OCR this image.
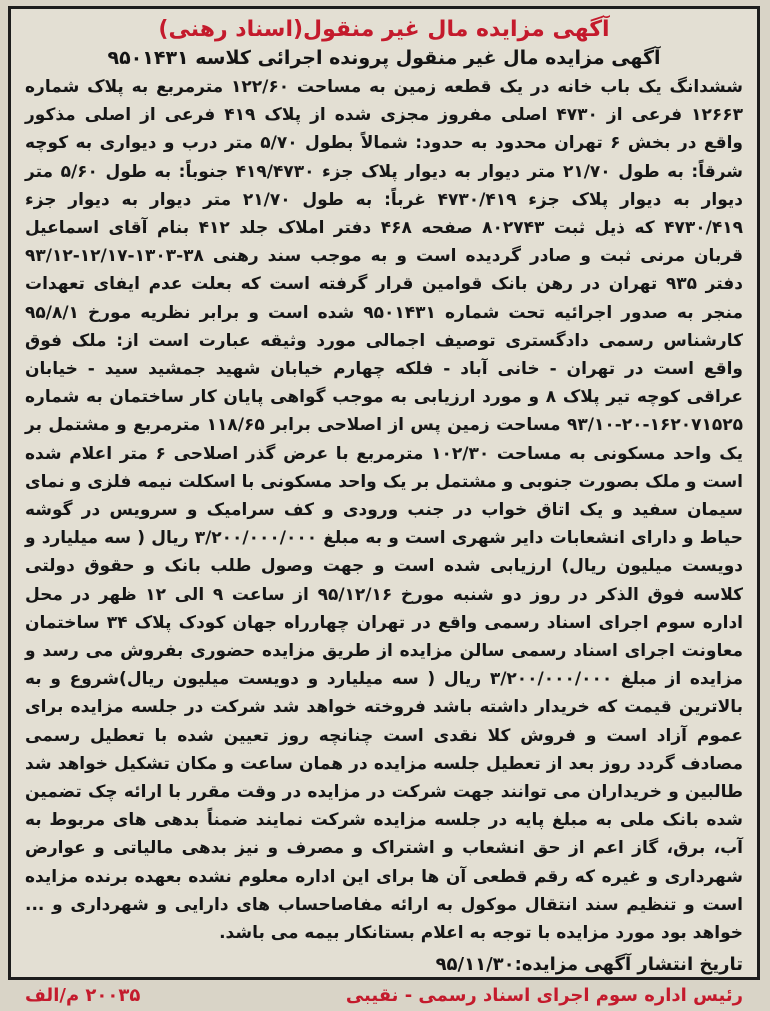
آگهی مزایده مال غیر منقول(اسناد رهنی)
آگهی مزایده مال غیر منقول پرونده اجرائی کلاسه ۹۵۰۱۴۳۱

ششدانگ یک باب خانه در یک قطعه زمین به مساحت ۱۲۲/۶۰ مترمربع به پلاک شماره ۱۲۶۶۳ فرعی از ۴۷۳۰ اصلی مفروز مجزی شده از پلاک ۴۱۹ فرعی از اصلی مذکور واقع در بخش ۶ تهران محدود به حدود: شمالاً بطول ۵/۷۰ متر درب و دیواری به کوچه شرقاً: به طول ۲۱/۷۰ متر دیوار به دیوار پلاک جزء ۴۱۹/۴۷۳۰ جنوباً: به طول ۵/۶۰ متر دیوار به دیوار پلاک جزء ۴۷۳۰/۴۱۹ غرباً: به طول ۲۱/۷۰ متر دیوار به دیوار جزء ۴۷۳۰/۴۱۹ که ذیل ثبت ۸۰۲۷۴۳ صفحه ۴۶۸ دفتر املاک جلد ۴۱۲ بنام آقای اسماعیل قربان مرنی ثبت و صادر گردیده است و به موجب سند رهنی ۳۸-۱۳۰۳-۱۲/۱۷-۹۳/۱۲ دفتر ۹۳۵ تهران در رهن بانک قوامین قرار گرفته است که بعلت عدم ایفای تعهدات منجر به صدور اجرائیه تحت شماره ۹۵۰۱۴۳۱ شده است و برابر نظریه مورخ ۹۵/۸/۱ کارشناس رسمی دادگستری توصیف اجمالی مورد وثیقه عبارت است از: ملک فوق واقع است در تهران - خانی آباد - فلکه چهارم خیابان شهید جمشید سید - خیابان عراقی کوچه تیر پلاک ۸ و مورد ارزیابی به موجب گواهی پایان کار ساختمان به شماره ۱۶۲۰۷۱۵۲۵-۲۰-۹۳/۱۰ مساحت زمین پس از اصلاحی برابر ۱۱۸/۶۵ مترمربع و مشتمل بر یک واحد مسکونی به مساحت ۱۰۲/۳۰ مترمربع با عرض گذر اصلاحی ۶ متر اعلام شده است و ملک بصورت جنوبی و مشتمل بر یک واحد مسکونی با اسکلت نیمه فلزی و نمای سیمان سفید و یک اتاق خواب در جنب ورودی و کف سرامیک و سرویس در گوشه حیاط و دارای انشعابات دایر شهری است و به مبلغ ۳/۲۰۰/۰۰۰/۰۰۰ ریال ( سه میلیارد و دویست میلیون ریال) ارزیابی شده است و جهت وصول طلب بانک و حقوق دولتی کلاسه فوق الذکر در روز دو شنبه مورخ ۹۵/۱۲/۱۶ از ساعت ۹ الی ۱۲ ظهر در محل اداره سوم اجرای اسناد رسمی واقع در تهران چهارراه جهان کودک پلاک ۳۴ ساختمان معاونت اجرای اسناد رسمی سالن مزایده از طریق مزایده حضوری بفروش می رسد و مزایده از مبلغ ۳/۲۰۰/۰۰۰/۰۰۰ ریال ( سه میلیارد و دویست میلیون ریال)شروع و به بالاترین قیمت که خریدار داشته باشد فروخته خواهد شد شرکت در جلسه مزایده برای عموم آزاد است و فروش کلا نقدی است چنانچه روز تعیین شده با تعطیل رسمی مصادف گردد روز بعد از تعطیل جلسه مزایده در همان ساعت و مکان تشکیل خواهد شد طالبین و خریداران می توانند جهت شرکت در مزایده در وقت مقرر با ارائه چک تضمین شده بانک ملی به مبلغ پایه در جلسه مزایده شرکت نمایند ضمناً بدهی های مربوط به آب، برق، گاز اعم از حق انشعاب و اشتراک و مصرف و نیز بدهی مالیاتی و عوارض شهرداری و غیره که رقم قطعی آن ها برای این اداره معلوم نشده بعهده برنده مزایده است و تنظیم سند انتقال موکول به ارائه مفاصاحساب های دارایی و شهرداری و ... خواهد بود مورد مزایده با توجه به اعلام بستانکار بیمه می باشد.

تاریخ انتشار آگهی مزایده:۹۵/۱۱/۳۰

رئیس اداره سوم اجرای اسناد رسمی - نقیبی
۲۰۰۳۵ م/الف
